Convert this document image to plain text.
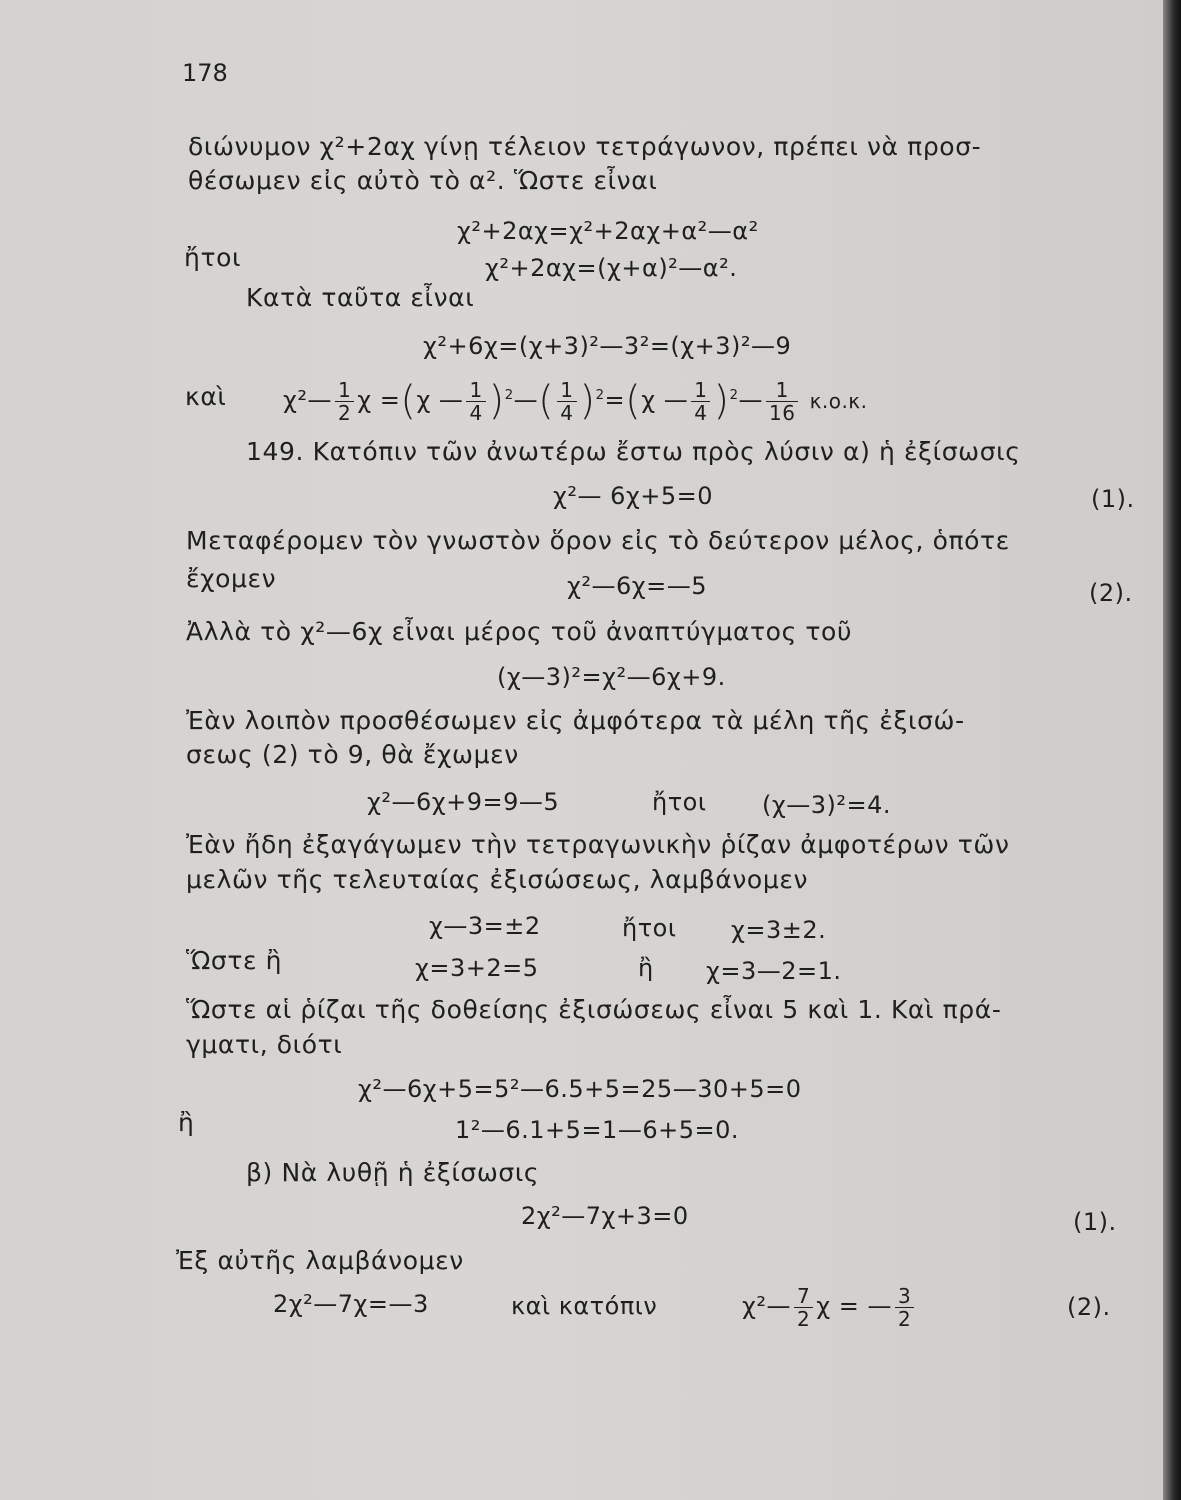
178
διώνυμον χ²+2αχ γίνῃ τέλειον τετράγωνον, πρέπει νὰ προσ-
θέσωμεν εἰς αὐτὸ τὸ α². Ὥστε εἶναι
χ²+2αχ=χ²+2αχ+α²—α²
ἤτοι	χ²+2αχ=(χ+α)²—α².
Κατὰ ταῦτα εἶναι
χ²+6χ=(χ+3)²—3²=(χ+3)²—9
καὶ χ²— $\frac{1}{2}$ χ =(χ — $\frac{1}{4}$ )$^2$—( $\frac{1}{4} )^2=(\chi$ — $\frac{1}{4}$ )$^2$— $\frac{1}{16} \kappa.o.\kappa$.
149. Κατόπιν τῶν ἀνωτέρω ἔστω πρὸς λύσιν α) ἡ ἐξίσωσις
χ²— 6χ+5=0	(1).
Μεταφέρομεν τὸν γνωστὸν ὅρον εἰς τὸ δεύτερον μέλος, ὁπότε
ἔχομεν	χ²—6χ=—5	(2).
Ἀλλὰ τὸ χ²—6χ εἶναι μέρος τοῦ ἀναπτύγματος τοῦ
(χ—3)²=χ²—6χ+9.
Ἐὰν λοιπὸν προσθέσωμεν εἰς ἀμφότερα τὰ μέλη τῆς ἐξισώ-
σεως (2) τὸ 9, θὰ ἔχωμεν
χ²—6χ+9=9—5	ἤτοι (χ—3)²=4.
Ἐὰν ἤδη ἐξαγάγωμεν τὴν τετραγωνικὴν ῥίζαν ἀμφοτέρων τῶν
μελῶν τῆς τελευταίας ἐξισώσεως, λαμβάνομεν
χ—3=±2	ἤτοι χ=3±2.
Ὥστε ἢ	χ=3+2=5	ἢ χ=3—2=1.
Ὥστε αἱ ῥίζαι τῆς δοθείσης ἐξισώσεως εἶναι 5 καὶ 1. Καὶ πρά-
γματι, διότι
χ²—6χ+5=5²—6.5+5=25—30+5=0
ἢ	1²—6.1+5=1—6+5=0.
β) Νὰ λυθῇ ἡ ἐξίσωσις
2χ²—7χ+3=0	(1).
Ἐξ αὐτῆς λαμβάνομεν
2χ²—7χ=—3	καὶ κατόπιν	χ²— $\frac{7}{2}$ χ = — $\frac{3}{2}$	(2).
